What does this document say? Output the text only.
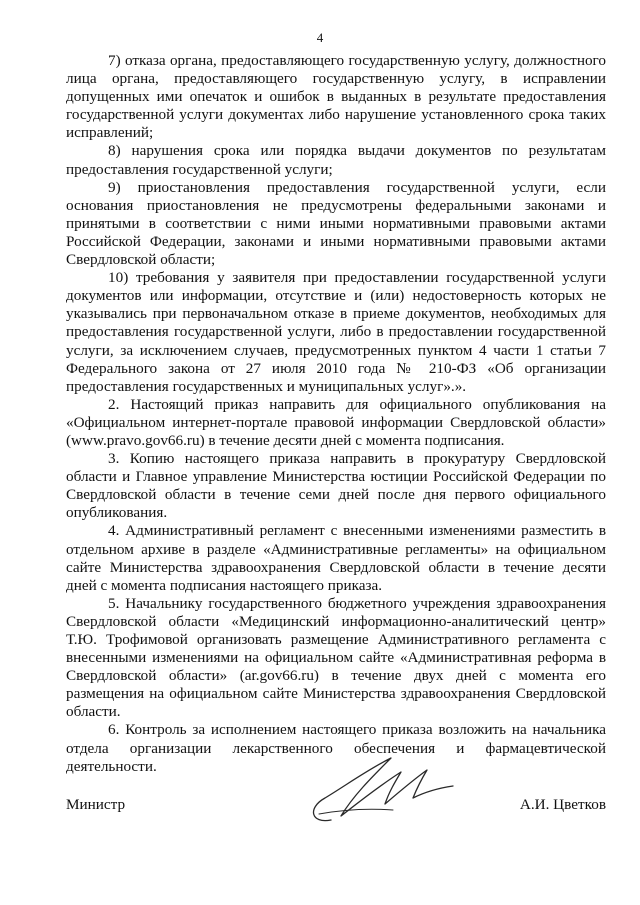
4

7) отказа органа, предоставляющего государственную услугу, должностного лица органа, предоставляющего государственную услугу, в исправлении допущенных ими опечаток и ошибок в выданных в результате предоставления государственной услуги документах либо нарушение установленного срока таких исправлений;

8) нарушения срока или порядка выдачи документов по результатам предоставления государственной услуги;

9) приостановления предоставления государственной услуги, если основания приостановления не предусмотрены федеральными законами и принятыми в соответствии с ними иными нормативными правовыми актами Российской Федерации, законами и иными нормативными правовыми актами Свердловской области;

10) требования у заявителя при предоставлении государственной услуги документов или информации, отсутствие и (или) недостоверность которых не указывались при первоначальном отказе в приеме документов, необходимых для предоставления государственной услуги, либо в предоставлении государственной услуги, за исключением случаев, предусмотренных пунктом 4 части 1 статьи 7 Федерального закона от 27 июля 2010 года № 210-ФЗ «Об организации предоставления государственных и муниципальных услуг».».

2. Настоящий приказ направить для официального опубликования на «Официальном интернет-портале правовой информации Свердловской области» (www.pravo.gov66.ru) в течение десяти дней с момента подписания.

3. Копию настоящего приказа направить в прокуратуру Свердловской области и Главное управление Министерства юстиции Российской Федерации по Свердловской области в течение семи дней после дня первого официального опубликования.

4. Административный регламент с внесенными изменениями разместить в отдельном архиве в разделе «Административные регламенты» на официальном сайте Министерства здравоохранения Свердловской области в течение десяти дней с момента подписания настоящего приказа.

5. Начальнику государственного бюджетного учреждения здравоохранения Свердловской области «Медицинский информационно-аналитический центр» Т.Ю. Трофимовой организовать размещение Административного регламента с внесенными изменениями на официальном сайте «Административная реформа в Свердловской области» (ar.gov66.ru) в течение двух дней с момента его размещения на официальном сайте Министерства здравоохранения Свердловской области.

6. Контроль за исполнением настоящего приказа возложить на начальника отдела организации лекарственного обеспечения и фармацевтической деятельности.

Министр	А.И. Цветков
